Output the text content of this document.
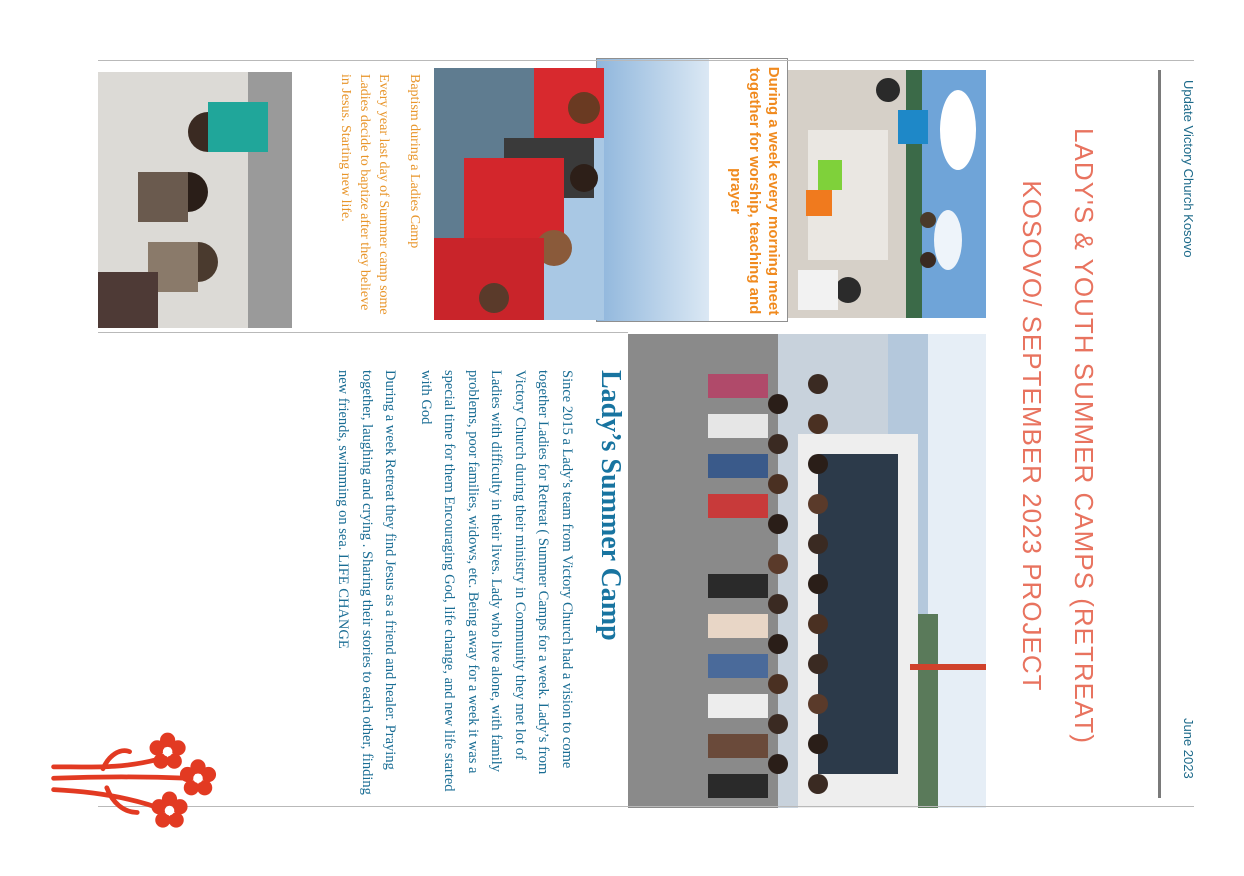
During a week every morning meet together for worship, teaching and prayer	Update Victory Church Kosovo
June 2023
LADY'S & YOUTH SUMMER CAMPS (RETREAT) KOSOVO/ SEPTEMBER 2023 PROJECT

Baptism during a Ladies Camp

Every year last day of Summer camp some Ladies decide to baptize after they believe in Jesus. Starting new life.

Lady’s Summer Camp

Since 2015 a Lady’s team from Victory Church had a vision to come together Ladies for Retreat ( Summer Camps for a week. Lady’s from Victory Church during their ministry in Community they met lot of Ladies with difficulty in their lives. Lady who live alone, with family problems, poor families, widows, etc. Being away for a week it was a special time for them Encouraging God, life change, and new life started with God

During a week Retreat they find Jesus as a friend and healer. Praying together, laughing and crying . Sharing their stories to each other, finding new friends, swimming on sea. LIFE CHANGE
